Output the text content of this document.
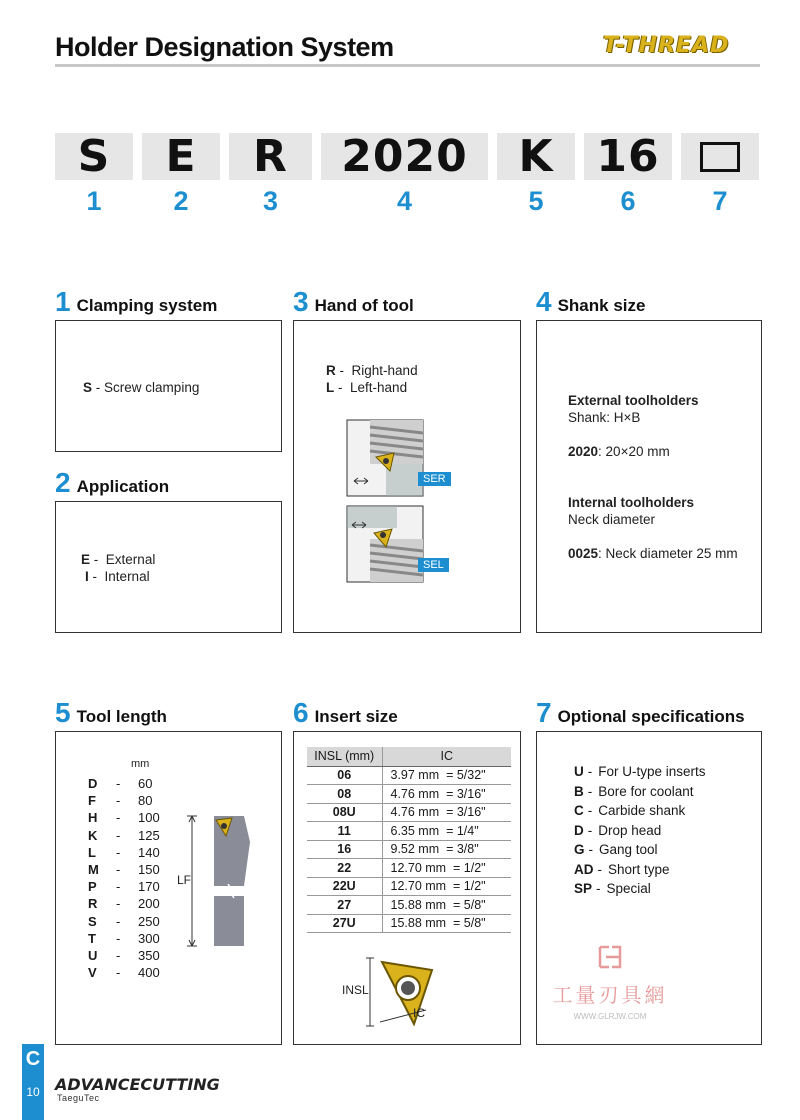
Holder Designation System	T-THREAD
S	E	R	2020	K 16
1	2	3	4	5	6	7
1 Clamping system
S - Screw clamping
2 Application
E - External
I - Internal
3 Hand of tool
R - Right-hand
L - Left-hand
SER
SEL
4 Shank size
External toolholders
Shank: H×B
2020: 20×20 mm
Internal toolholders
Neck diameter
0025: Neck diameter 25 mm
5 Tool length
mm
D	-	60
F	-	80
H	-	100
K	-	125
L	-	140
M	-	150
P	-	170
R	-	200
S	-	250
T	-	300
U	-	350
V	-	400
LF
6 Insert size
INSL (mm)	IC
06	3.97 mm  = 5/32"
08	4.76 mm  = 3/16"
08U	4.76 mm  = 3/16"
11	6.35 mm  = 1/4"
16	9.52 mm  = 3/8"
22	12.70 mm  = 1/2"
22U	12.70 mm  = 1/2"
27	15.88 mm  = 5/8"
27U	15.88 mm  = 5/8"
INSL
IC
7 Optional specifications
U - For U-type inserts
B - Bore for coolant
C - Carbide shank
D - Drop head
G - Gang tool
AD - Short type
SP - Special
工量刃具網
WWW.GLRJW.COM
C
10 ADVANCECUTTING
TaeguTec
